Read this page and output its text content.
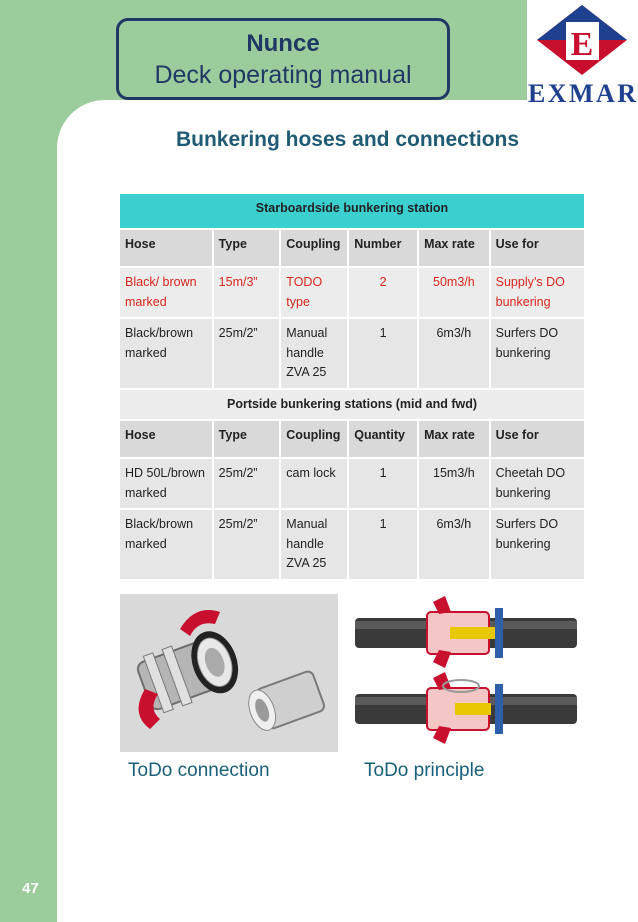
Nunce
Deck operating manual
E
EXMAR
Bunkering hoses and connections
Starboardside bunkering station					
Hose	Type	Coupling	Number	Max rate	Use for
Black/ brown marked	15m/3”	TODO type	2	50m3/h	Supply’s DO bunkering
Black/brown marked	25m/2”	Manual handle ZVA 25	1	6m3/h	Surfers DO bunkering
Portside bunkering stations (mid and fwd)					
Hose	Type	Coupling	Quantity	Max rate	Use for
HD 50L/brown marked	25m/2”	cam lock	1	15m3/h	Cheetah DO bunkering
Black/brown marked	25m/2”	Manual handle ZVA 25	1	6m3/h	Surfers DO bunkering
ToDo connection	ToDo principle
47
